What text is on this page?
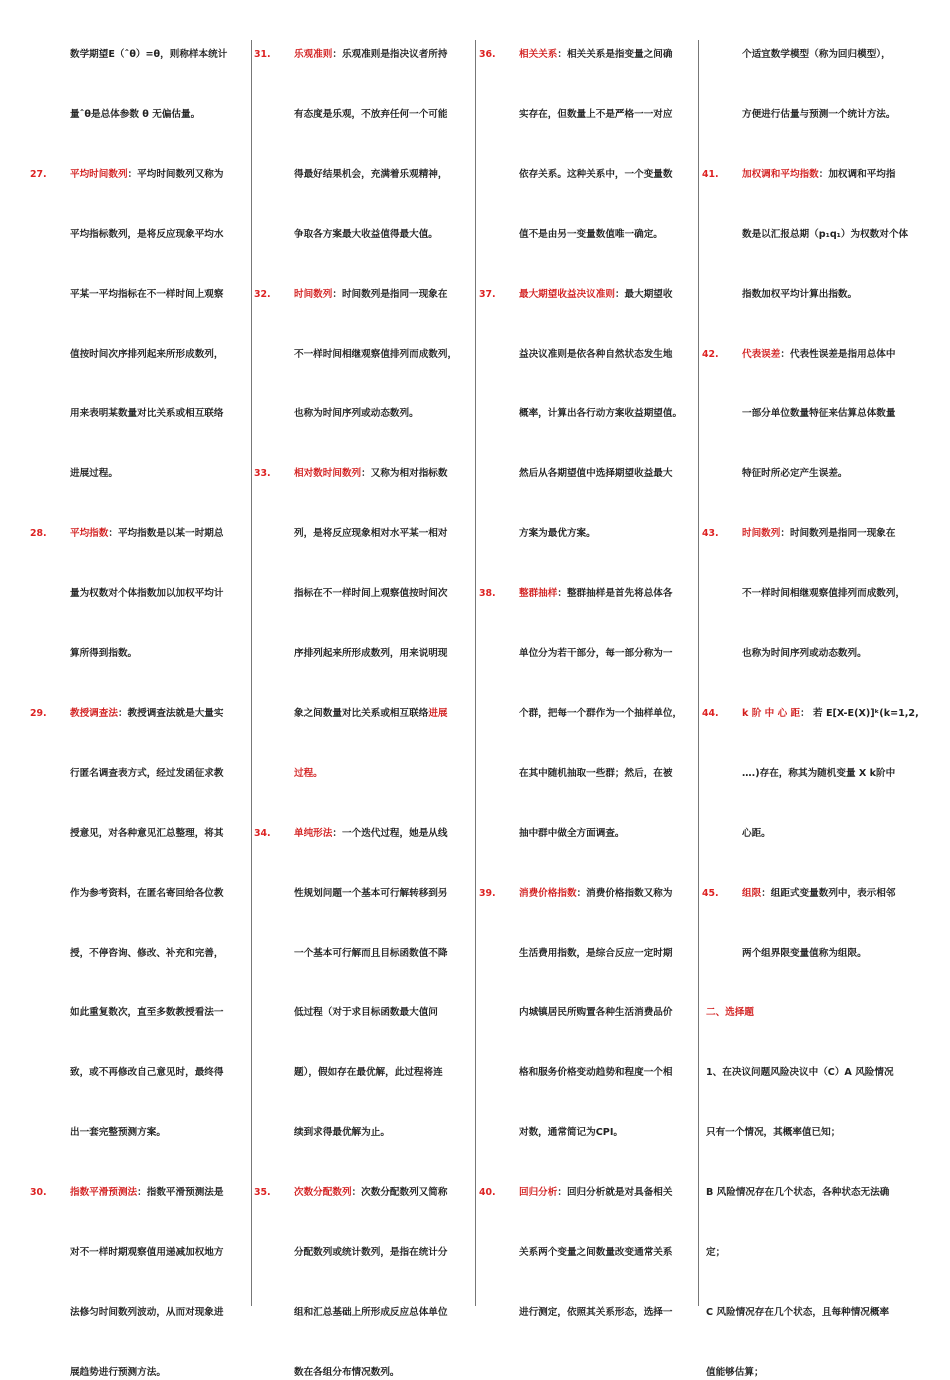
数学期望E（ˆθ）=θ，则称样本统计
量ˆθ是总体参数 θ 无偏估量。
27. 平均时间数列：平均时间数列又称为
平均指标数列，是将反应现象平均水
平某一平均指标在不一样时间上观察
值按时间次序排列起来所形成数列，
用来表明某数量对比关系或相互联络
进展过程。
28. 平均指数：平均指数是以某一时期总
量为权数对个体指数加以加权平均计
算所得到指数。
29. 教授调查法：教授调查法就是大量实
行匿名调查表方式，经过发函征求教
授意见，对各种意见汇总整理，将其
作为参考资料，在匿名寄回给各位教
授，不停咨询、修改、补充和完善，
如此重复数次，直至多数教授看法一
致，或不再修改自己意见时，最终得
出一套完整预测方案。
30. 指数平滑预测法：指数平滑预测法是
对不一样时期观察值用递减加权地方
法修匀时间数列波动，从而对现象进
展趋势进行预测方法。
31. 乐观准则：乐观准则是指决议者所持
有态度是乐观，不放弃任何一个可能
得最好结果机会，充满着乐观精神，
争取各方案最大收益值得最大值。
32. 时间数列：时间数列是指同一现象在
不一样时间相继观察值排列而成数列，
也称为时间序列或动态数列。
33. 相对数时间数列：又称为相对指标数
列，是将反应现象相对水平某一相对
指标在不一样时间上观察值按时间次
序排列起来所形成数列，用来说明现
象之间数量对比关系或相互联络进展
过程。
34. 单纯形法：一个迭代过程，她是从线
性规划问题一个基本可行解转移到另
一个基本可行解而且目标函数值不降
低过程（对于求目标函数最大值问
题），假如存在最优解，此过程将连
续到求得最优解为止。
35. 次数分配数列：次数分配数列又简称
分配数列或统计数列，是指在统计分
组和汇总基础上所形成反应总体单位
数在各组分布情况数列。
36. 相关关系：相关关系是指变量之间确
实存在，但数量上不是严格一一对应
依存关系。这种关系中，一个变量数
值不是由另一变量数值唯一确定。
37. 最大期望收益决议准则：最大期望收
益决议准则是依各种自然状态发生地
概率，计算出各行动方案收益期望值。
然后从各期望值中选择期望收益最大
方案为最优方案。
38. 整群抽样：整群抽样是首先将总体各
单位分为若干部分，每一部分称为一
个群，把每一个群作为一个抽样单位，
在其中随机抽取一些群；然后，在被
抽中群中做全方面调查。
39. 消费价格指数：消费价格指数又称为
生活费用指数，是综合反应一定时期
内城镇居民所购置各种生活消费品价
格和服务价格变动趋势和程度一个相
对数，通常简记为CPI。
40. 回归分析：回归分析就是对具备相关
关系两个变量之间数量改变通常关系
进行测定，依照其关系形态，选择一
个适宜数学模型（称为回归模型），
方便进行估量与预测一个统计方法。
41. 加权调和平均指数：加权调和平均指
数是以汇报总期（p₁q₁）为权数对个体
指数加权平均计算出指数。
42. 代表误差：代表性误差是指用总体中
一部分单位数量特征来估算总体数量
特征时所必定产生误差。
43. 时间数列：时间数列是指同一现象在
不一样时间相继观察值排列而成数列，
也称为时间序列或动态数列。
44. k 阶 中 心 距： 若 E[X-E(X)]ᵏ(k=1,2,
….)存在，称其为随机变量 X k阶中
心距。
45. 组限：组距式变量数列中，表示相邻
两个组界限变量值称为组限。
二、选择题
1、在决议问题风险决议中（C）A 风险情况
只有一个情况，其概率值已知；
B 风险情况存在几个状态，各种状态无法确
定；
C 风险情况存在几个状态，且每种情况概率
值能够估算；
